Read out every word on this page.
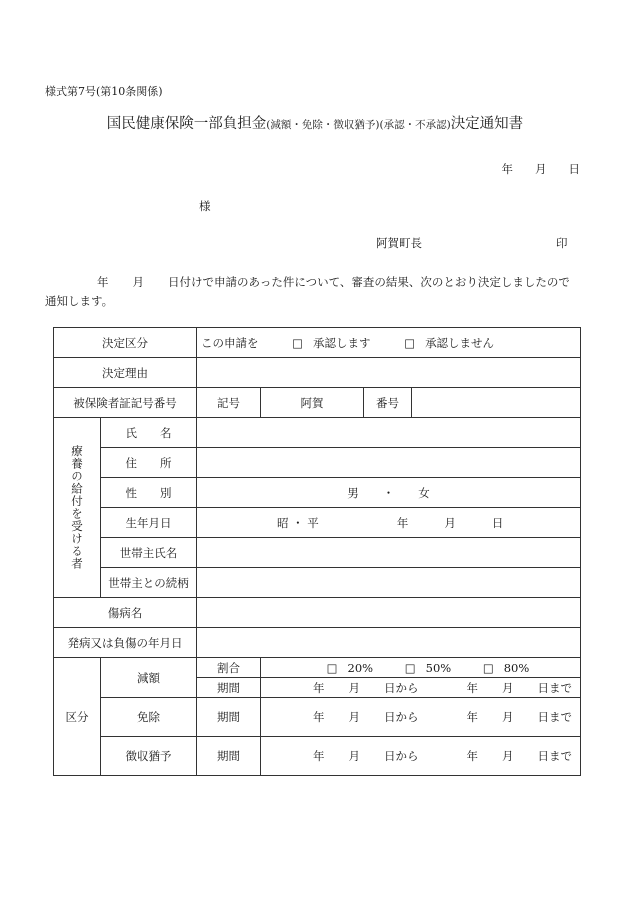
様式第7号(第10条関係)
国民健康保険一部負担金(減額・免除・徴収猶予)(承認・不承認)決定通知書
年 月 日
様
阿賀町長	印
年 月 日付けで申請のあった件について、審査の結果、次のとおり決定しましたので通知します。
決定区分		この申請を □ 承認します □ 承認しません			
決定理由					
被保険者証記号番号		記号	阿賀	番号	

療養の給付を受ける者	氏　　名				
	住　　所				
	性　　別	男 ・ 女			
	生年月日	昭 ・ 平 年 月 日			
	世帯主氏名				
	世帯主との続柄				
傷病名					
発病又は負傷の年月日					
区分	減額	割合	□ 20% □ 50% □ 80%		
		期間	年 月 日から 年 月 日まで		
	免除	期間	年 月 日から 年 月 日まで		
	徴収猶予	期間	年 月 日から 年 月 日まで		
